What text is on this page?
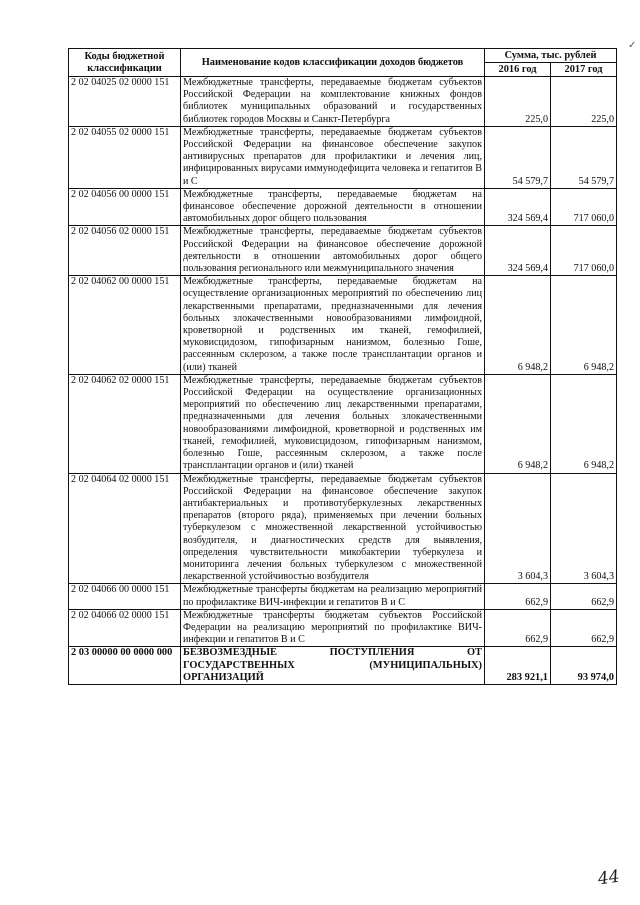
✓
Коды бюджетной классификации	Наименование кодов классификации доходов бюджетов	Сумма, тыс. рублей	
		2016 год	2017 год
2 02 04025 02 0000 151	Межбюджетные трансферты, передаваемые бюджетам субъектов Российской Федерации на комплектование книжных фондов библиотек муниципальных образований и государственных библиотек городов Москвы и Санкт-Петербурга	225,0	225,0
2 02 04055 02 0000 151	Межбюджетные трансферты, передаваемые бюджетам субъектов Российской Федерации на финансовое обеспечение закупок антивирусных препаратов для профилактики и лечения лиц, инфицированных вирусами иммунодефицита человека и гепатитов В и С	54 579,7	54 579,7
2 02 04056 00 0000 151	Межбюджетные трансферты, передаваемые бюджетам на финансовое обеспечение дорожной деятельности в отношении автомобильных дорог общего пользования	324 569,4	717 060,0
2 02 04056 02 0000 151	Межбюджетные трансферты, передаваемые бюджетам субъектов Российской Федерации на финансовое обеспечение дорожной деятельности в отношении автомобильных дорог общего пользования регионального или межмуниципального значения	324 569,4	717 060,0
2 02 04062 00 0000 151	Межбюджетные трансферты, передаваемые бюджетам на осуществление организационных мероприятий по обеспечению лиц лекарственными препаратами, предназначенными для лечения больных злокачественными новообразованиями лимфоидной, кроветворной и родственных им тканей, гемофилией, муковисцидозом, гипофизарным нанизмом, болезнью Гоше, рассеянным склерозом, а также после трансплантации органов и (или) тканей	6 948,2	6 948,2
2 02 04062 02 0000 151	Межбюджетные трансферты, передаваемые бюджетам субъектов Российской Федерации на осуществление организационных мероприятий по обеспечению лиц лекарственными препаратами, предназначенными для лечения больных злокачественными новообразованиями лимфоидной, кроветворной и родственных им тканей, гемофилией, муковисцидозом, гипофизарным нанизмом, болезнью Гоше, рассеянным склерозом, а также после трансплантации органов и (или) тканей	6 948,2	6 948,2
2 02 04064 02 0000 151	Межбюджетные трансферты, передаваемые бюджетам субъектов Российской Федерации на финансовое обеспечение закупок антибактериальных и противотуберкулезных лекарственных препаратов (второго ряда), применяемых при лечении больных туберкулезом с множественной лекарственной устойчивостью возбудителя, и диагностических средств для выявления, определения чувствительности микобактерии туберкулеза и мониторинга лечения больных туберкулезом с множественной лекарственной устойчивостью возбудителя	3 604,3	3 604,3
2 02 04066 00 0000 151	Межбюджетные трансферты бюджетам на реализацию мероприятий по профилактике ВИЧ-инфекции и гепатитов В и С	662,9	662,9
2 02 04066 02 0000 151	Межбюджетные трансферты бюджетам субъектов Российской Федерации на реализацию мероприятий по профилактике ВИЧ-инфекции и гепатитов В и С	662,9	662,9
2 03 00000 00 0000 000	БЕЗВОЗМЕЗДНЫЕ ПОСТУПЛЕНИЯ ОТ ГОСУДАРСТВЕННЫХ (МУНИЦИПАЛЬНЫХ) ОРГАНИЗАЦИЙ	283 921,1	93 974,0
44
